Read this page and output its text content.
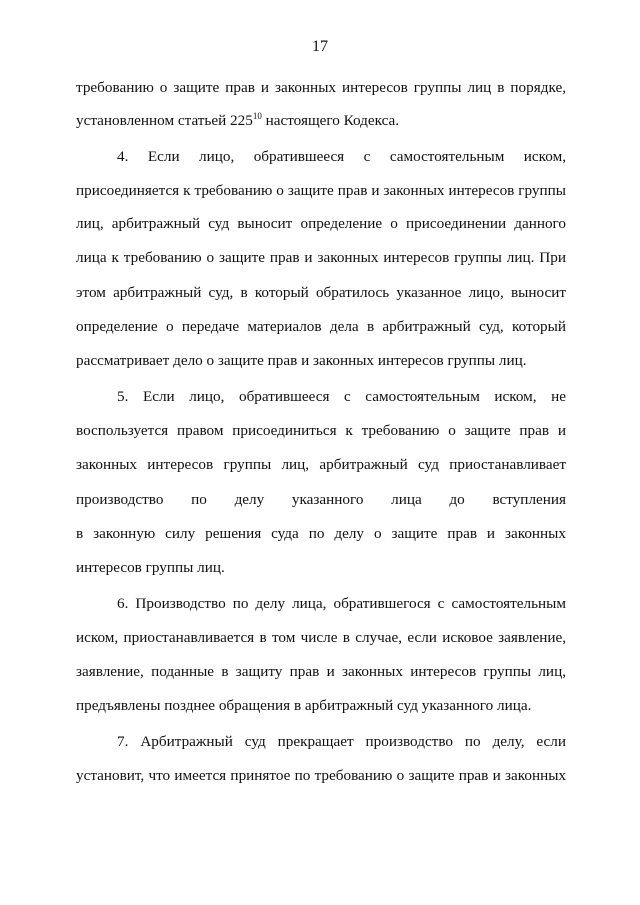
17
требованию о защите прав и законных интересов группы лиц в порядке,
установленном статьей $225^{10}$ настоящего Кодекса.
4. Если лицо, обратившееся с самостоятельным иском,
присоединяется к требованию о защите прав и законных интересов группы
лиц, арбитражный суд выносит определение о присоединении данного
лица к требованию о защите прав и законных интересов группы лиц. При
этом арбитражный суд, в который обратилось указанное лицо, выносит
определение о передаче материалов дела в арбитражный суд, который
рассматривает дело о защите прав и законных интересов группы лиц.
5. Если лицо, обратившееся с самостоятельным иском, не
воспользуется правом присоединиться к требованию о защите прав и
законных интересов группы лиц, арбитражный суд приостанавливает
производство по делу указанного лица до вступления
в законную силу решения суда по делу о защите прав и законных
интересов группы лиц.
6. Производство по делу лица, обратившегося с самостоятельным
иском, приостанавливается в том числе в случае, если исковое заявление,
заявление, поданные в защиту прав и законных интересов группы лиц,
предъявлены позднее обращения в арбитражный суд указанного лица.
7. Арбитражный суд прекращает производство по делу, если
установит, что имеется принятое по требованию о защите прав и законных
